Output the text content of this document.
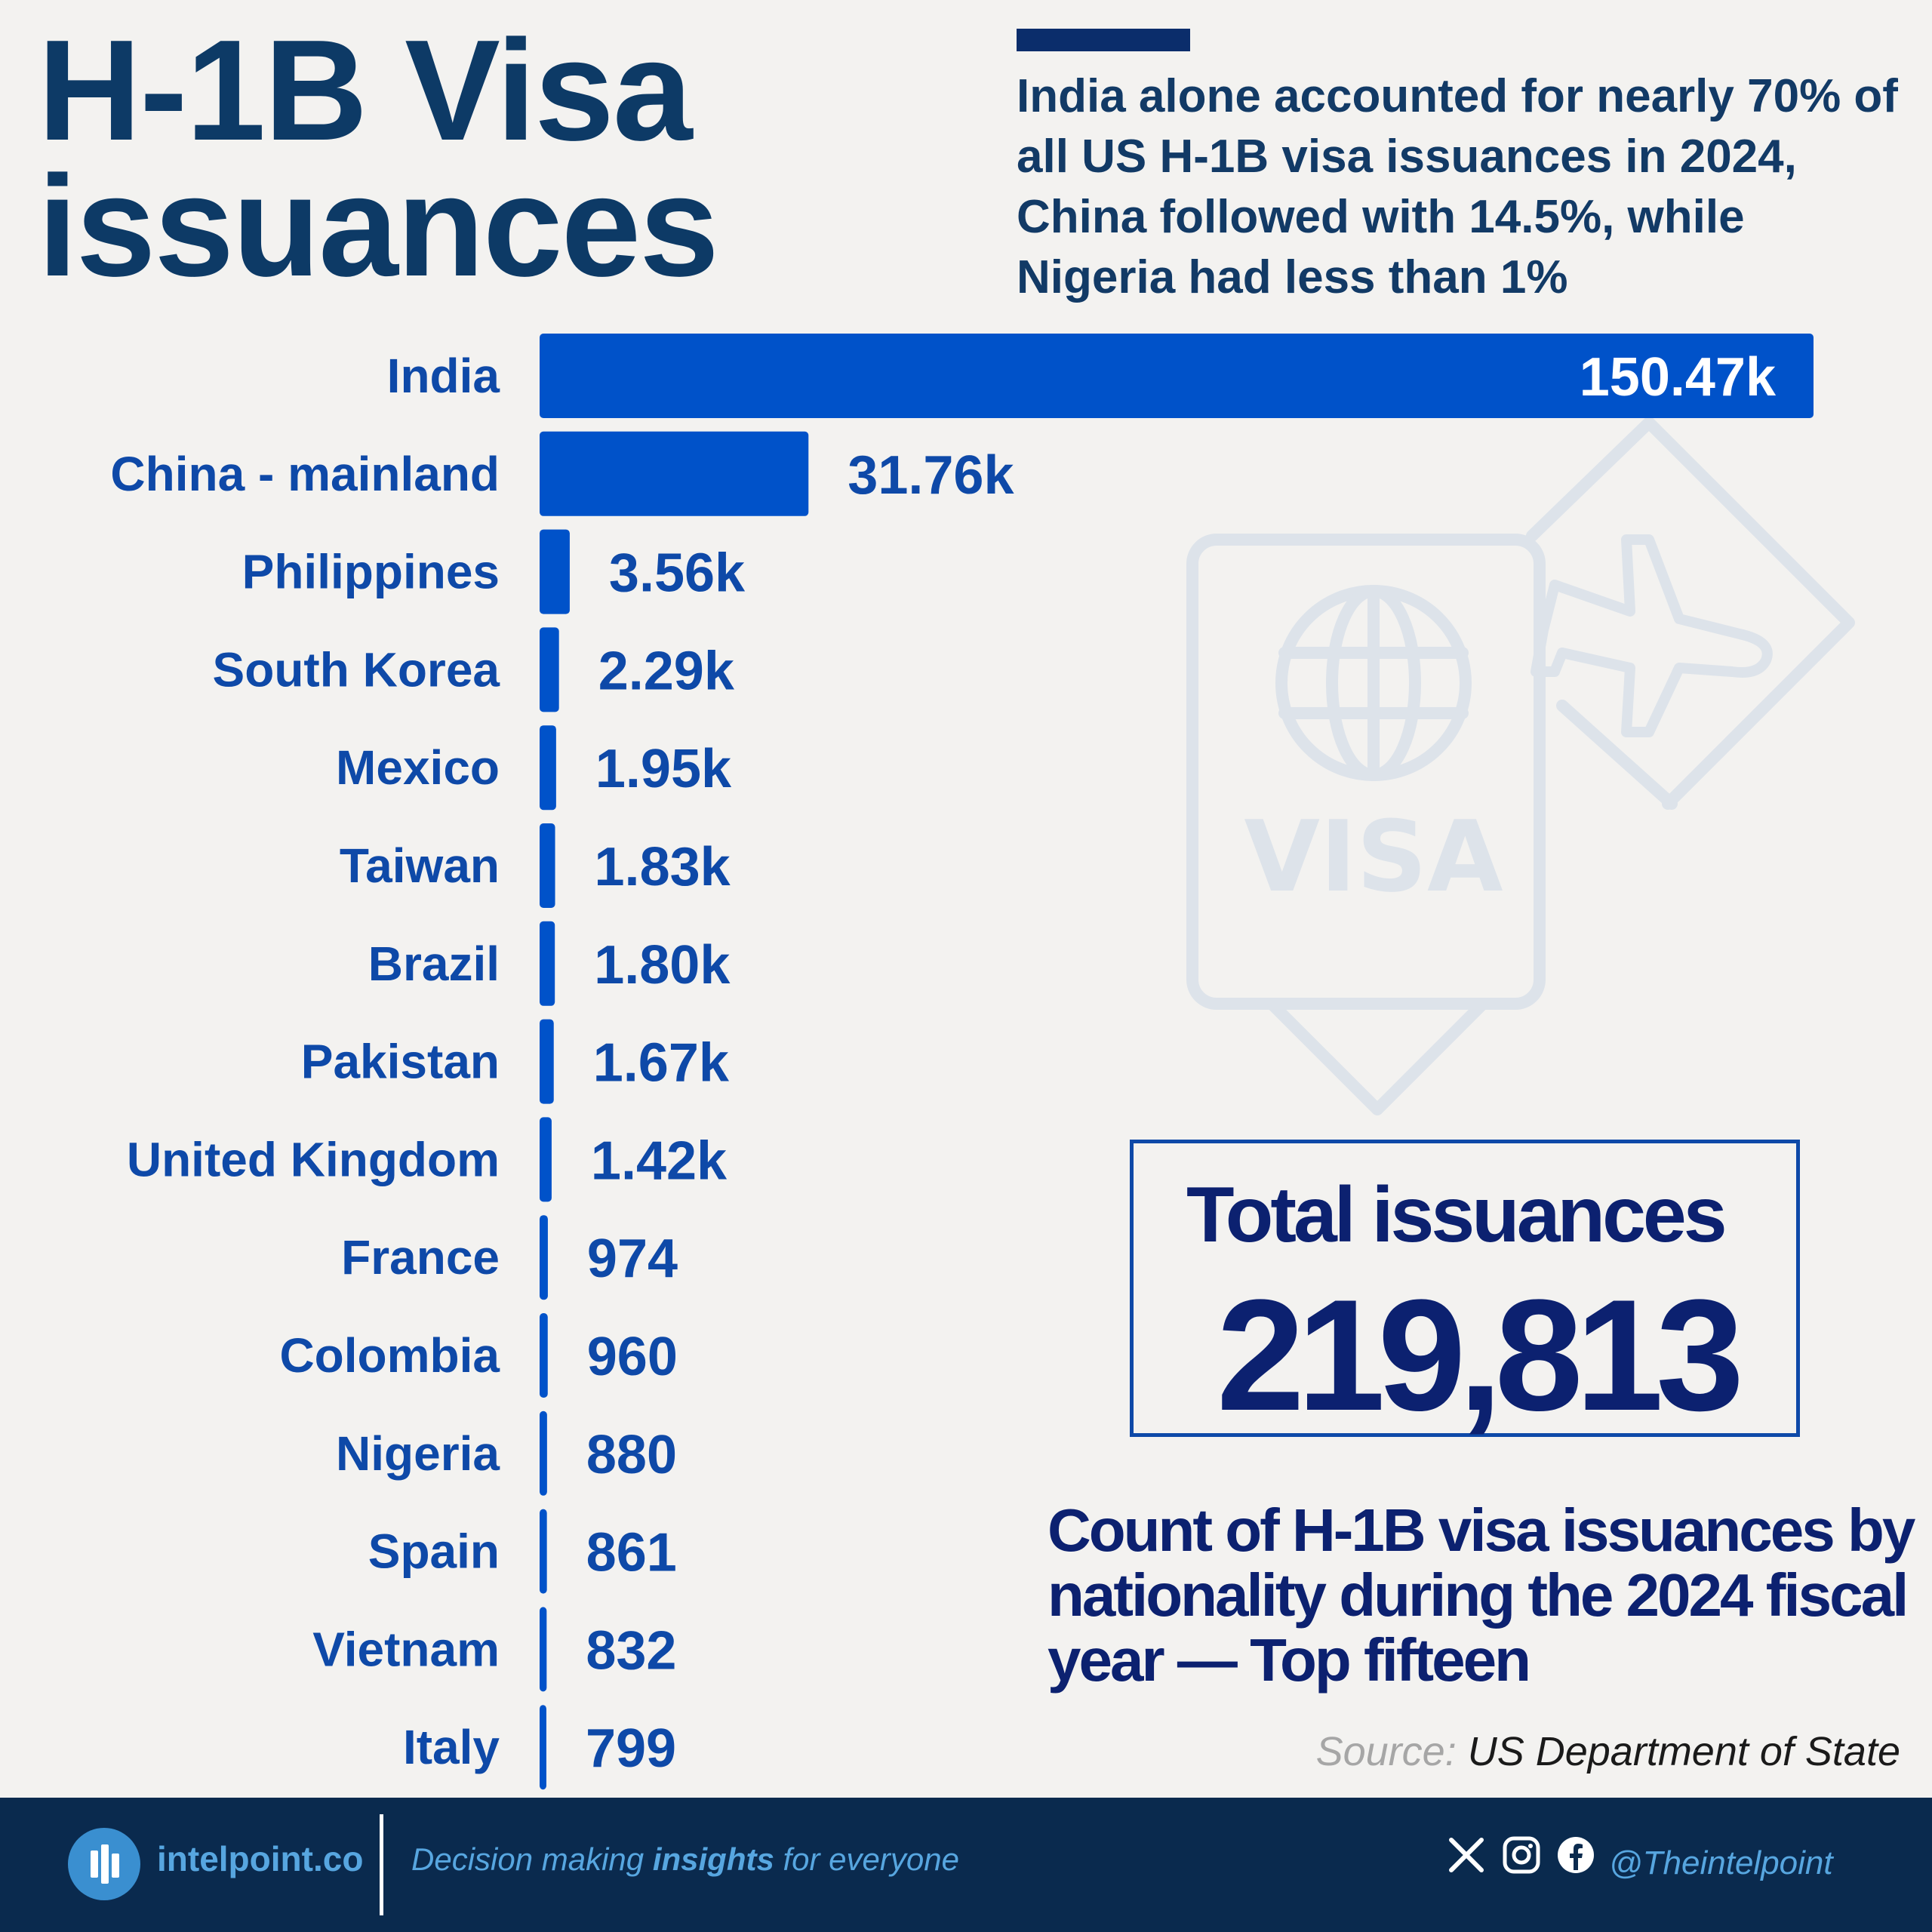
H-1B Visa
issuances
India alone accounted for nearly 70% of all US H-1B visa issuances in 2024, China followed with 14.5%, while Nigeria had less than 1%
VISA
India	150.47k
China - mainland	31.76k
Philippines 3.56k
South Korea 2.29k
Mexico 1.95k
Taiwan 1.83k
Brazil 1.80k
Pakistan 1.67k
United Kingdom 1.42k
France 974
Colombia 960
Nigeria 880
Spain 861
Vietnam 832
Italy 799
Total issuances
219,813
Count of H-1B visa issuances by nationality during the 2024 fiscal year — Top fifteen
Source: US Department of State
intelpoint.co Decision making insights for everyone	@Theintelpoint
